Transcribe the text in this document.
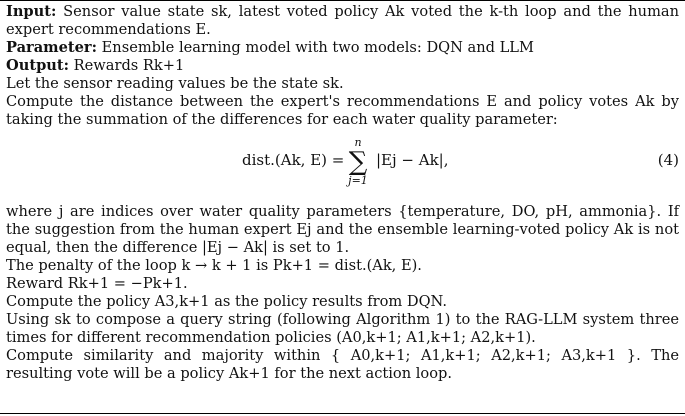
Input: Sensor value state sk, latest voted policy Ak voted the k-th loop and the human expert recommendations E.
Parameter: Ensemble learning model with two models: DQN and LLM
Output: Rewards Rk+1
Let the sensor reading values be the state sk.
Compute the distance between the expert's recommendations E and policy votes Ak by taking the summation of the differences for each water quality parameter:
dist.(Ak, E) =
n
∑
j=1
|Ej − Ak|,	(4)
where j are indices over water quality parameters {temperature, DO, pH, ammonia}. If the suggestion from the human expert Ej and the ensemble learning-voted policy Ak is not equal, then the difference |Ej − Ak| is set to 1.
The penalty of the loop k → k + 1 is Pk+1 = dist.(Ak, E).
Reward Rk+1 = −Pk+1.
Compute the policy A3,k+1 as the policy results from DQN.
Using sk to compose a query string (following Algorithm 1) to the RAG-LLM system three times for different recommendation policies (A0,k+1; A1,k+1; A2,k+1).
Compute similarity and majority within { A0,k+1; A1,k+1; A2,k+1; A3,k+1 }. The resulting vote will be a policy Ak+1 for the next action loop.
